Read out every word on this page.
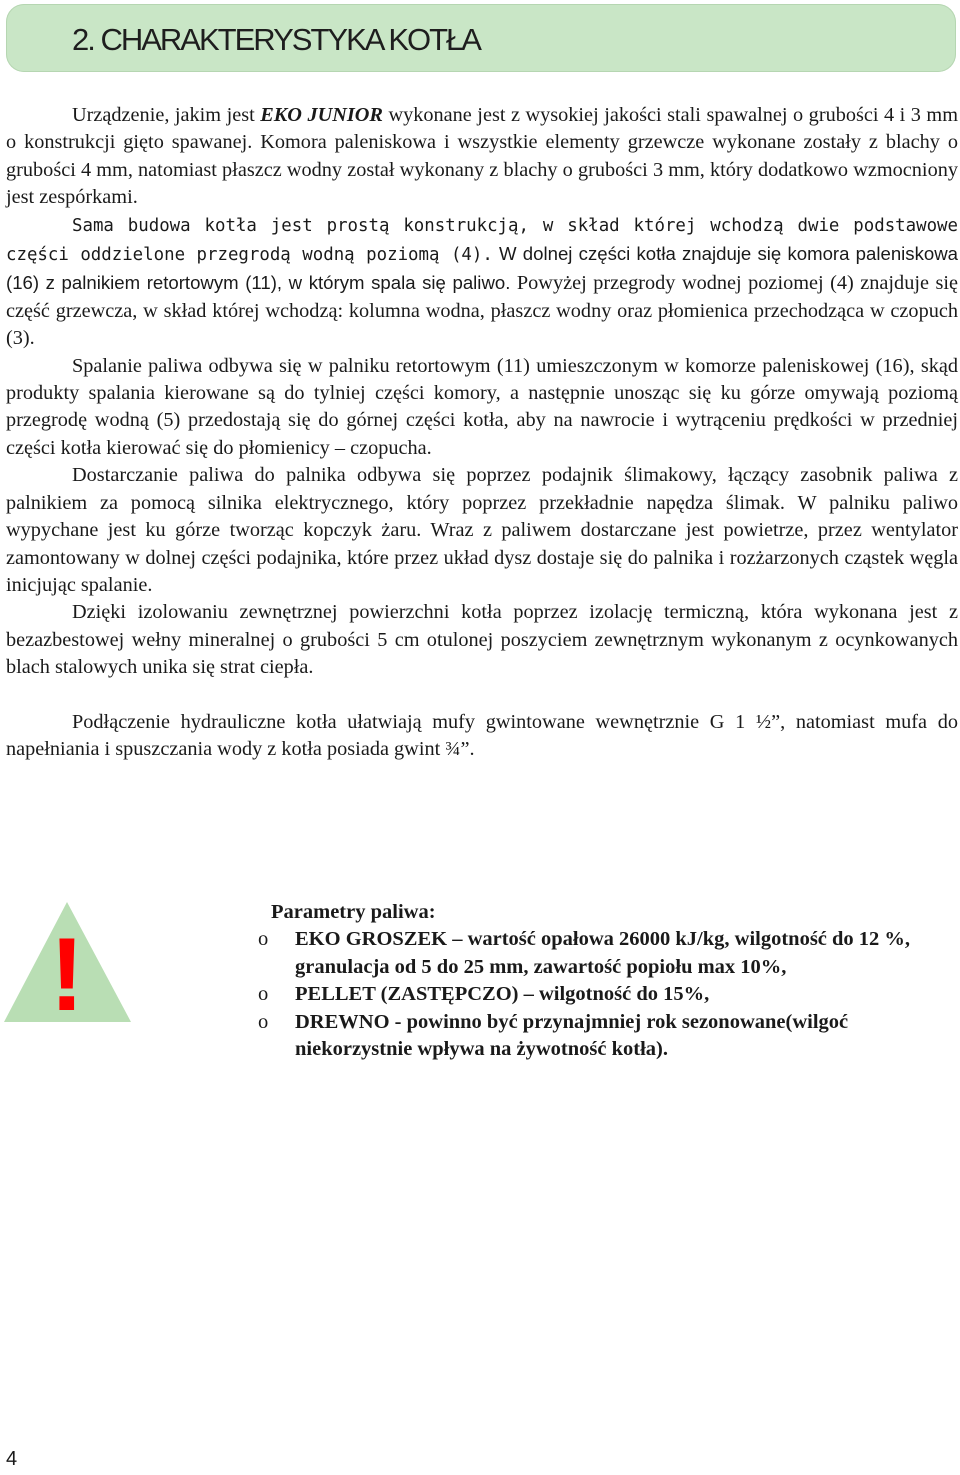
2. CHARAKTERYSTYKA KOTŁA

Urządzenie, jakim jest EKO JUNIOR wykonane jest z wysokiej jakości stali spawalnej o grubości 4 i 3 mm o konstrukcji gięto spawanej. Komora paleniskowa i wszystkie elementy grzewcze wykonane zostały z blachy o grubości 4 mm, natomiast płaszcz wodny został wykonany z blachy o grubości 3 mm, który dodatkowo wzmocniony jest zespórkami.

Sama budowa kotła jest prostą konstrukcją, w skład której wchodzą dwie podstawowe części oddzielone przegrodą wodną poziomą (4). W dolnej części kotła znajduje się komora paleniskowa (16) z palnikiem retortowym (11), w którym spala się paliwo. Powyżej przegrody wodnej poziomej (4) znajduje się część grzewcza, w skład której wchodzą: kolumna wodna, płaszcz wodny oraz płomienica przechodząca w czopuch (3).

Spalanie paliwa odbywa się w palniku retortowym (11) umieszczonym w komorze paleniskowej (16), skąd produkty spalania kierowane są do tylniej części komory, a następnie unosząc się ku górze omywają poziomą przegrodę wodną (5) przedostają się do górnej części kotła, aby na nawrocie i wytrąceniu prędkości w przedniej części kotła kierować się do płomienicy – czopucha.

Dostarczanie paliwa do palnika odbywa się poprzez podajnik ślimakowy, łączący zasobnik paliwa z palnikiem za pomocą silnika elektrycznego, który poprzez przekładnie napędza ślimak. W palniku paliwo wypychane jest ku górze tworząc kopczyk żaru. Wraz z paliwem dostarczane jest powietrze, przez wentylator zamontowany w dolnej części podajnika, które przez układ dysz dostaje się do palnika i rozżarzonych cząstek węgla inicjując spalanie.

Dzięki izolowaniu zewnętrznej powierzchni kotła poprzez izolację termiczną, która wykonana jest z bezazbestowej wełny mineralnej o grubości 5 cm otulonej poszyciem zewnętrznym wykonanym z ocynkowanych blach stalowych unika się strat ciepła.

Podłączenie hydrauliczne kotła ułatwiają mufy gwintowane wewnętrznie G 1 ½”, natomiast mufa do napełniania i spuszczania wody z kotła posiada gwint ¾”.

!
Parametry paliwa:
o EKO GROSZEK – wartość opałowa 26000 kJ/kg, wilgotność do 12 %, granulacja od 5 do 25 mm, zawartość popiołu max 10%,
o PELLET (ZASTĘPCZO) – wilgotność do 15%,
o DREWNO - powinno być przynajmniej rok sezonowane(wilgoć niekorzystnie wpływa na żywotność kotła).
4
